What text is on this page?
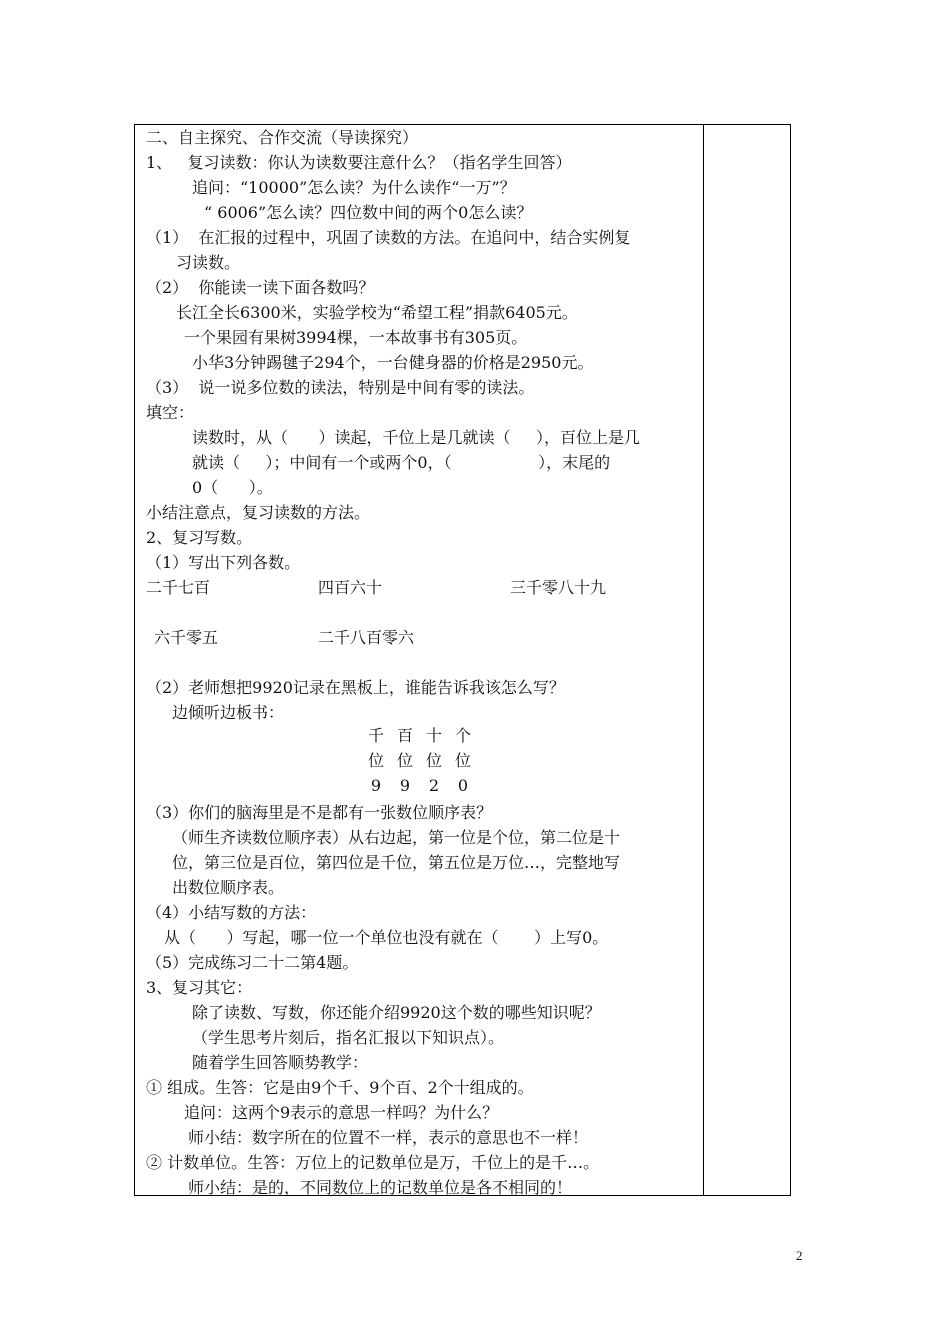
二、自主探究、合作交流（导读探究）
1、   复习读数：你认为读数要注意什么？（指名学生回答）
追问：“10000”怎么读？为什么读作“一万”？
“ 6006”怎么读？四位数中间的两个0怎么读？
（1）  在汇报的过程中，巩固了读数的方法。在追问中，结合实例复
习读数。
（2）  你能读一读下面各数吗？
长江全长6300米，实验学校为“希望工程”捐款6405元。
一个果园有果树3994棵，一本故事书有305页。
小华3分钟踢毽子294个，一台健身器的价格是2950元。
（3）  说一说多位数的读法，特别是中间有零的读法。
填空：
读数时，从（      ）读起，千位上是几就读（     ），百位上是几
就读（     ）；中间有一个或两个0，（                 ），末尾的
0（      ）。
小结注意点，复习读数的方法。
2、复习写数。
（1）写出下列各数。
二千七百	四百六十	三千零八十九
六千零五	二千八百零六
（2）老师想把9920记录在黑板上，谁能告诉我该怎么写？
边倾听边板书：
（3）你们的脑海里是不是都有一张数位顺序表？
（师生齐读数位顺序表）从右边起，第一位是个位，第二位是十
位，第三位是百位，第四位是千位，第五位是万位…，完整地写
出数位顺序表。
（4）小结写数的方法：
从（      ）写起，哪一位一个单位也没有就在（       ）上写0。
（5）完成练习二十二第4题。
3、复习其它：
除了读数、写数，你还能介绍9920这个数的哪些知识呢？
（学生思考片刻后，指名汇报以下知识点）。
随着学生回答顺势教学：
① 组成。生答：它是由9个千、9个百、2个十组成的。
追问：这两个9表示的意思一样吗？为什么？
师小结：数字所在的位置不一样，表示的意思也不一样！
② 计数单位。生答：万位上的记数单位是万，千位上的是千…。
师小结：是的，不同数位上的记数单位是各不相同的！
千 百 十 个
位 位 位 位
9	9	2	0
2
